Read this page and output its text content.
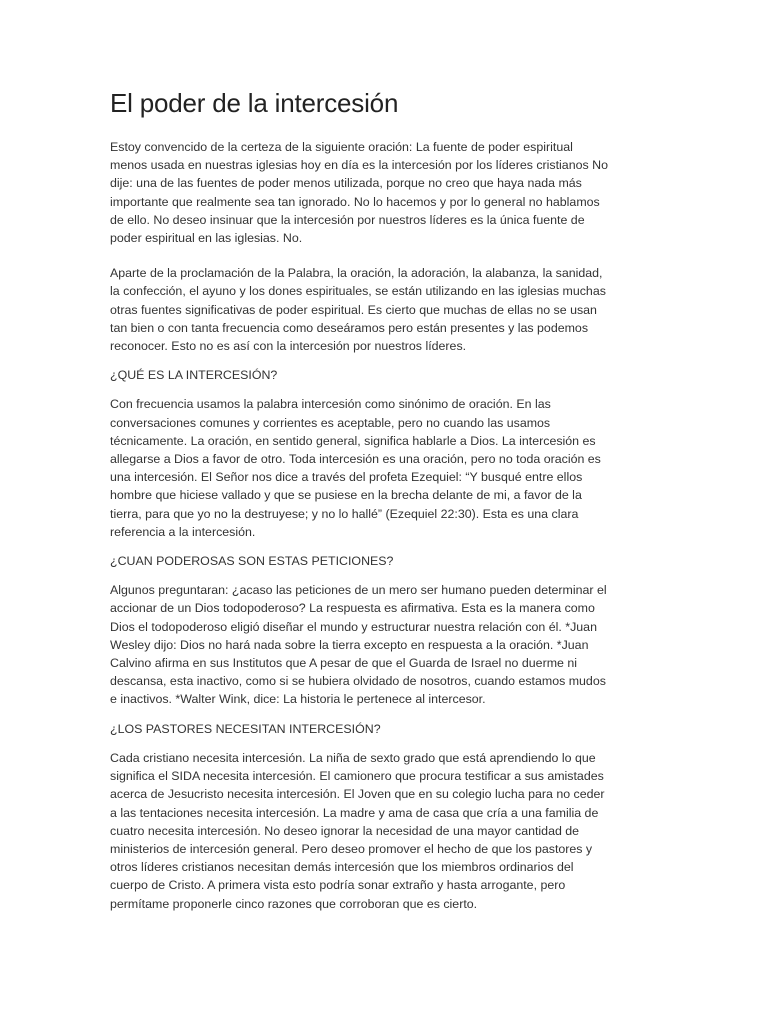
El poder de la intercesión

Estoy convencido de la certeza de la siguiente oración: La fuente de poder espiritual
menos usada en nuestras iglesias hoy en día es la intercesión por los líderes cristianos No
dije: una de las fuentes de poder menos utilizada, porque no creo que haya nada más
importante que realmente sea tan ignorado. No lo hacemos y por lo general no hablamos
de ello. No deseo insinuar que la intercesión por nuestros líderes es la única fuente de
poder espiritual en las iglesias. No.

Aparte de la proclamación de la Palabra, la oración, la adoración, la alabanza, la sanidad,
la confección, el ayuno y los dones espirituales, se están utilizando en las iglesias muchas
otras fuentes significativas de poder espiritual. Es cierto que muchas de ellas no se usan
tan bien o con tanta frecuencia como deseáramos pero están presentes y las podemos
reconocer. Esto no es así con la intercesión por nuestros líderes.

¿QUÉ ES LA INTERCESIÓN?

Con frecuencia usamos la palabra intercesión como sinónimo de oración. En las
conversaciones comunes y corrientes es aceptable, pero no cuando las usamos
técnicamente. La oración, en sentido general, significa hablarle a Dios. La intercesión es
allegarse a Dios a favor de otro. Toda intercesión es una oración, pero no toda oración es
una intercesión. El Señor nos dice a través del profeta Ezequiel: “Y busqué entre ellos
hombre que hiciese vallado y que se pusiese en la brecha delante de mi, a favor de la
tierra, para que yo no la destruyese; y no lo hallé” (Ezequiel 22:30). Esta es una clara
referencia a la intercesión.

¿CUAN PODEROSAS SON ESTAS PETICIONES?

Algunos preguntaran: ¿acaso las peticiones de un mero ser humano pueden determinar el
accionar de un Dios todopoderoso? La respuesta es afirmativa. Esta es la manera como
Dios el todopoderoso eligió diseñar el mundo y estructurar nuestra relación con él. *Juan
Wesley dijo: Dios no hará nada sobre la tierra excepto en respuesta a la oración. *Juan
Calvino afirma en sus Institutos que A pesar de que el Guarda de Israel no duerme ni
descansa, esta inactivo, como si se hubiera olvidado de nosotros, cuando estamos mudos
e inactivos. *Walter Wink, dice: La historia le pertenece al intercesor.

¿LOS PASTORES NECESITAN INTERCESIÓN?

Cada cristiano necesita intercesión. La niña de sexto grado que está aprendiendo lo que
significa el SIDA necesita intercesión. El camionero que procura testificar a sus amistades
acerca de Jesucristo necesita intercesión. El Joven que en su colegio lucha para no ceder
a las tentaciones necesita intercesión. La madre y ama de casa que cría a una familia de
cuatro necesita intercesión. No deseo ignorar la necesidad de una mayor cantidad de
ministerios de intercesión general. Pero deseo promover el hecho de que los pastores y
otros líderes cristianos necesitan demás intercesión que los miembros ordinarios del
cuerpo de Cristo. A primera vista esto podría sonar extraño y hasta arrogante, pero
permítame proponerle cinco razones que corroboran que es cierto.
